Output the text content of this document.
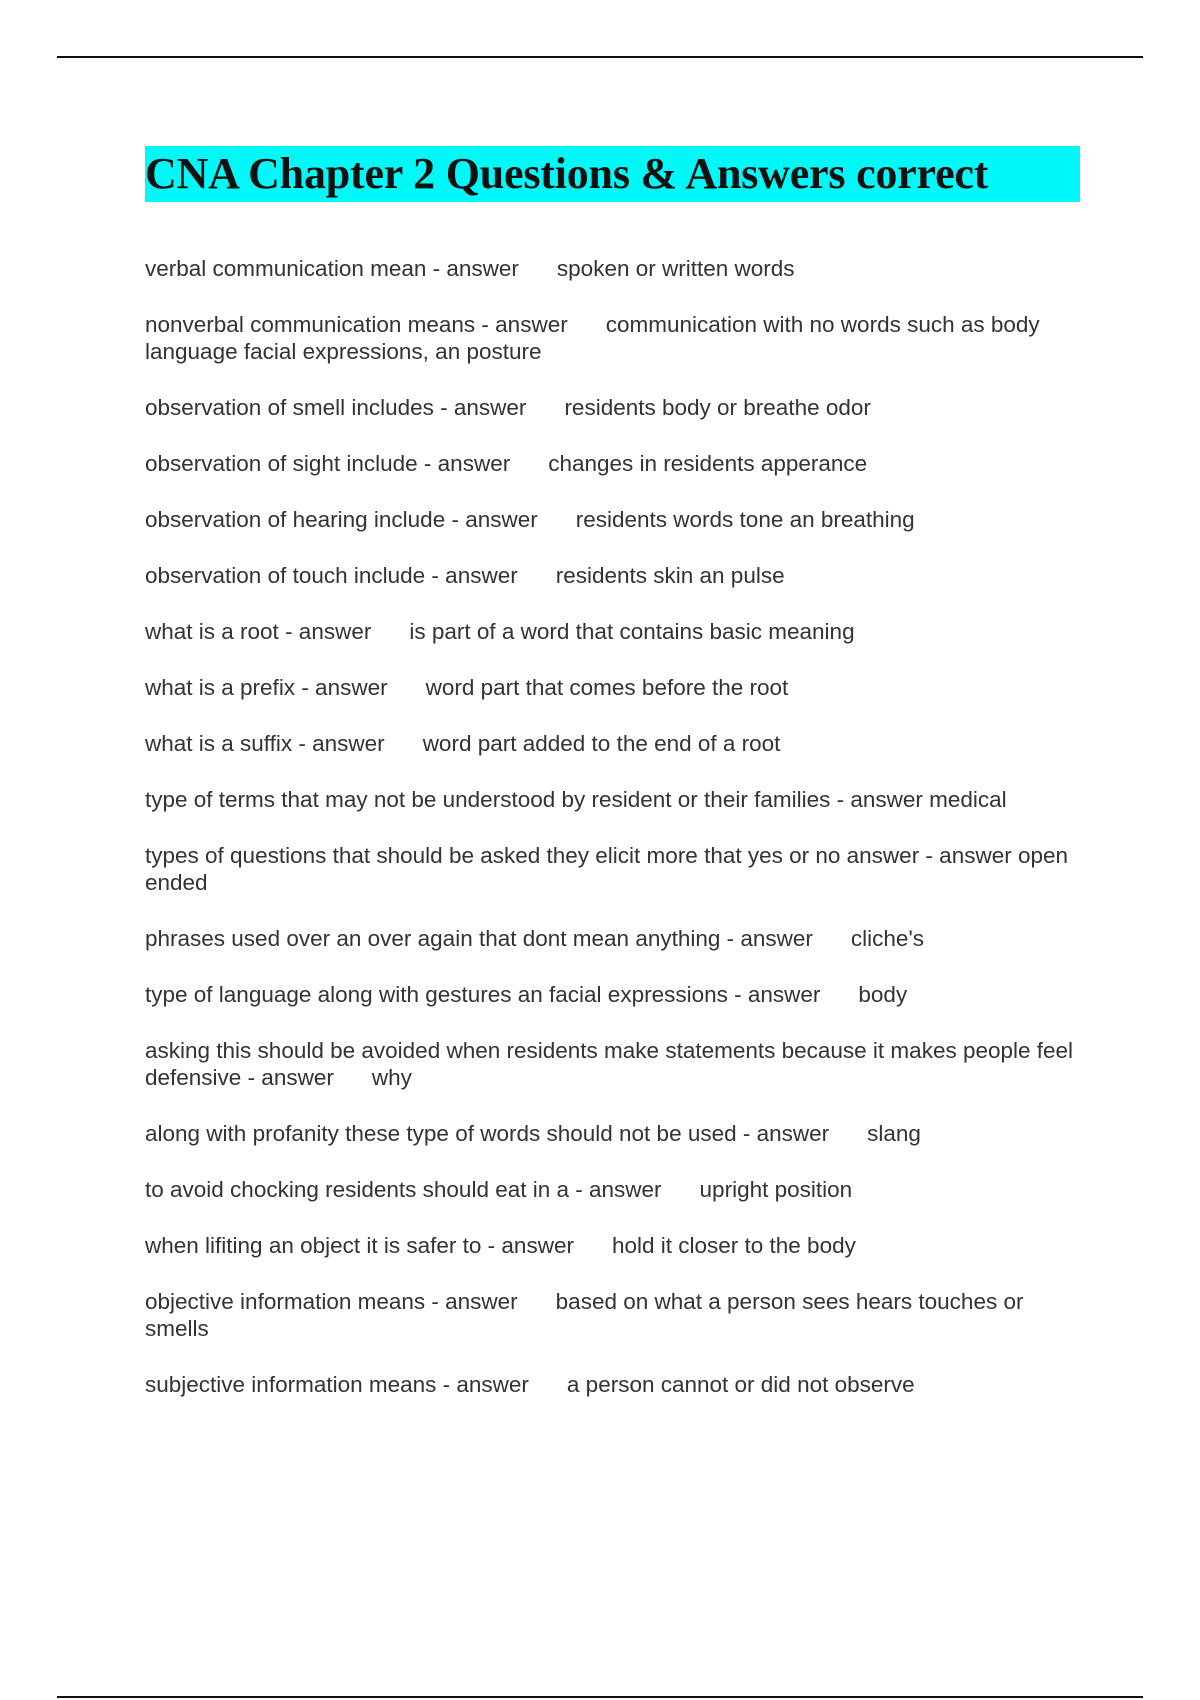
CNA Chapter 2 Questions & Answers correct
verbal communication mean - answer spoken or written words
nonverbal communication means - answer communication with no words such as body language facial expressions, an posture
observation of smell includes - answer residents body or breathe odor
observation of sight include - answer changes in residents apperance
observation of hearing include - answer residents words tone an breathing
observation of touch include - answer residents skin an pulse
what is a root - answer is part of a word that contains basic meaning
what is a prefix - answer word part that comes before the root
what is a suffix - answer word part added to the end of a root
type of terms that may not be understood by resident or their families - answer medical
types of questions that should be asked they elicit more that yes or no answer - answer open ended
phrases used over an over again that dont mean anything - answer cliche's
type of language along with gestures an facial expressions - answer body
asking this should be avoided when residents make statements because it makes people feel defensive - answer why
along with profanity these type of words should not be used - answer slang
to avoid chocking residents should eat in a - answer upright position
when lifiting an object it is safer to - answer hold it closer to the body
objective information means - answer based on what a person sees hears touches or smells
subjective information means - answer a person cannot or did not observe
